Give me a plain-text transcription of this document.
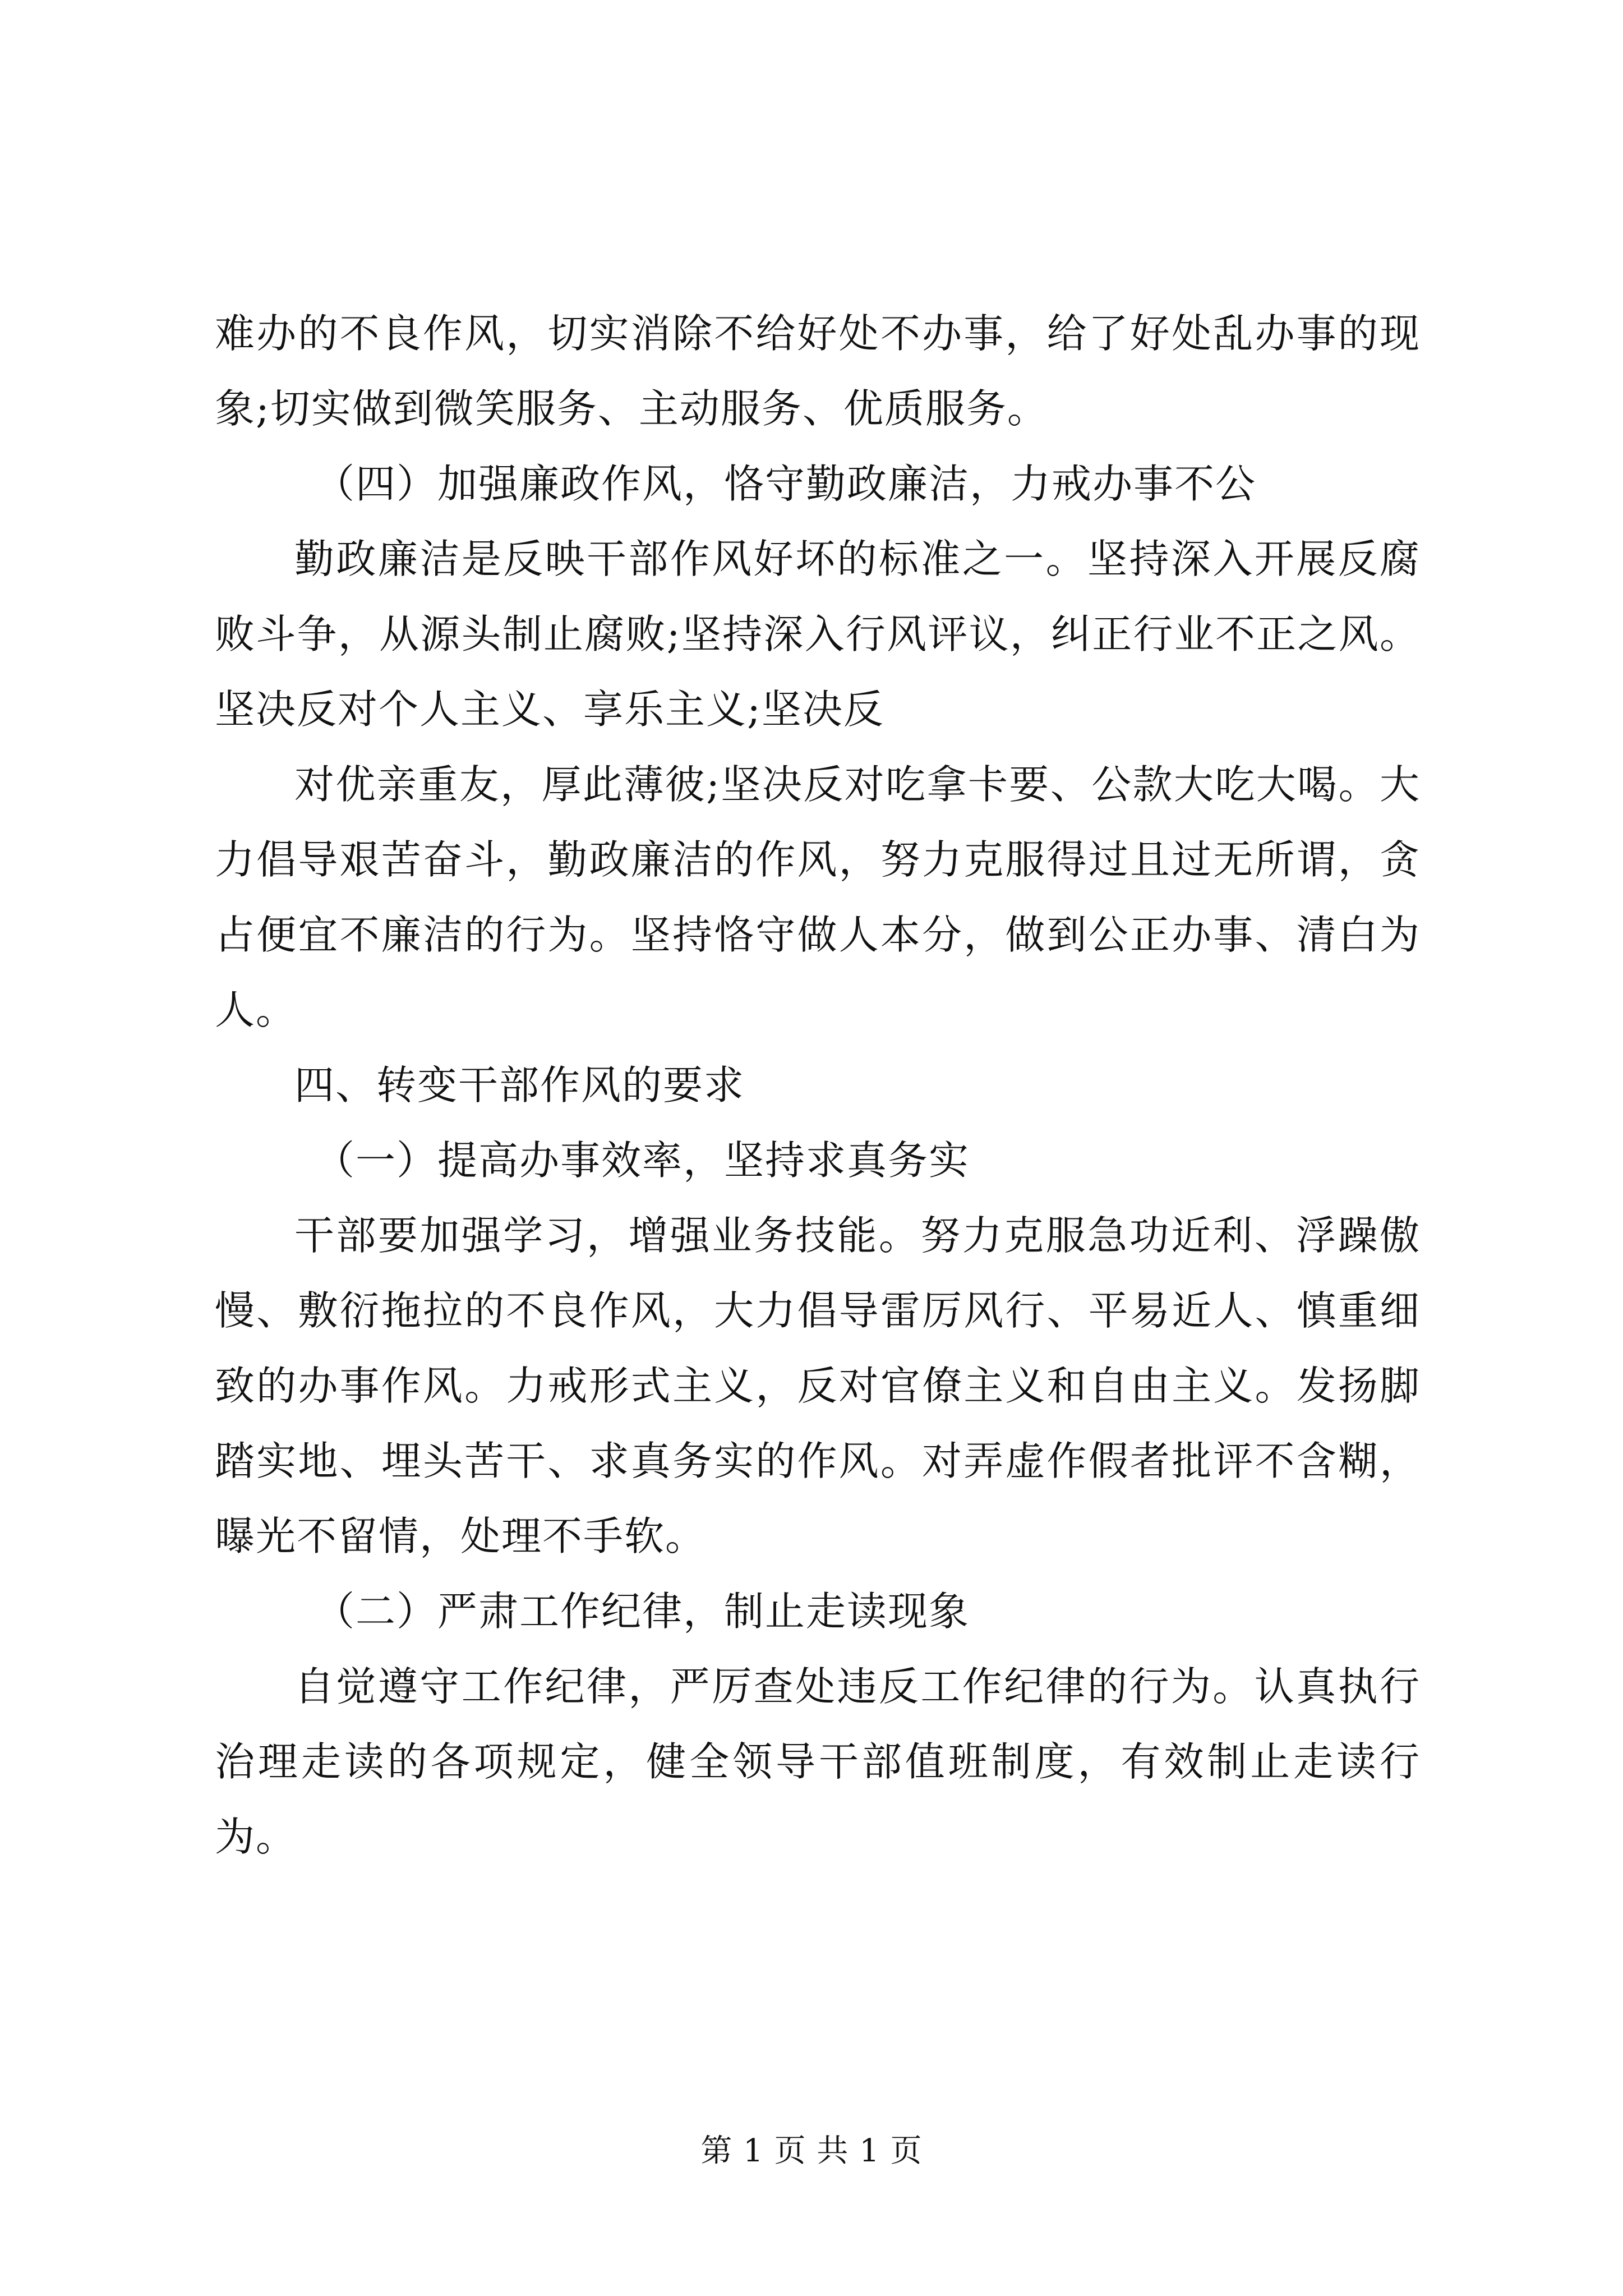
难办的不良作风，切实消除不给好处不办事，给了好处乱办事的现象;切实做到微笑服务、主动服务、优质服务。

（四）加强廉政作风，恪守勤政廉洁，力戒办事不公

勤政廉洁是反映干部作风好坏的标准之一。坚持深入开展反腐败斗争，从源头制止腐败;坚持深入行风评议，纠正行业不正之风。坚决反对个人主义、享乐主义;坚决反

对优亲重友，厚此薄彼;坚决反对吃拿卡要、公款大吃大喝。大力倡导艰苦奋斗，勤政廉洁的作风，努力克服得过且过无所谓，贪占便宜不廉洁的行为。坚持恪守做人本分，做到公正办事、清白为人。

四、转变干部作风的要求

（一）提高办事效率，坚持求真务实

干部要加强学习，增强业务技能。努力克服急功近利、浮躁傲慢、敷衍拖拉的不良作风，大力倡导雷厉风行、平易近人、慎重细致的办事作风。力戒形式主义，反对官僚主义和自由主义。发扬脚踏实地、埋头苦干、求真务实的作风。对弄虚作假者批评不含糊，曝光不留情，处理不手软。

（二）严肃工作纪律，制止走读现象

自觉遵守工作纪律，严厉查处违反工作纪律的行为。认真执行治理走读的各项规定，健全领导干部值班制度，有效制止走读行为。

第 1 页 共 1 页
